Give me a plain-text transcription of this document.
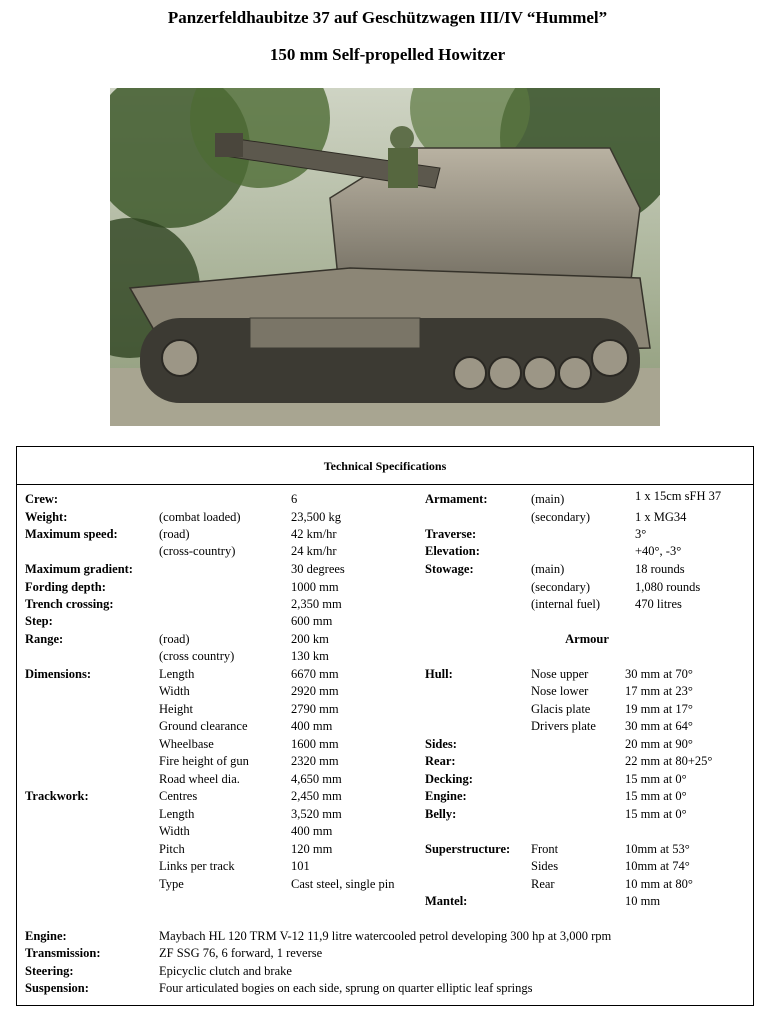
Panzerfeldhaubitze 37 auf Geschützwagen III/IV “Hummel”
150 mm Self-propelled Howitzer
Technical Specifications
Crew:	6
Weight:	(combat loaded)	23,500 kg
Maximum speed:	(road)	42 km/hr
(cross-country)	24 km/hr
Maximum gradient:	30 degrees
Fording depth:	1000 mm
Trench crossing:	2,350 mm
Step:	600 mm
Range:	(road)	200 km
(cross country)	130 km
Dimensions:	Length	6670 mm
Width	2920 mm
Height	2790 mm
Ground clearance	400 mm
Wheelbase	1600 mm
Fire height of gun	2320 mm
Road wheel dia.	4,650 mm
Trackwork:	Centres	2,450 mm
Length	3,520 mm
Width	400 mm
Pitch	120 mm
Links per track	101
Type	Cast steel, single pin
Armament:	(main)	1 x 15cm sFH 37
(secondary)	1 x MG34
Traverse:	3°
Elevation:	+40°, -3°
Stowage:	(main)	18 rounds
(secondary)	1,080 rounds
(internal fuel)	470 litres
Armour
Hull:	Nose upper	30 mm at 70°
Nose lower	17 mm at 23°
Glacis plate	19 mm at 17°
Drivers plate 30 mm at 64°
Sides:	20 mm at 90°
Rear:	22 mm at 80+25°
Decking:	15 mm at 0°
Engine:	15 mm at 0°
Belly:	15 mm at 0°
Superstructure: Front	10mm at 53°
Sides	10mm at 74°
Rear	10 mm at 80°
Mantel:	10 mm
Engine:	Maybach HL 120 TRM V-12 11,9 litre watercooled petrol developing 300 hp at 3,000 rpm
Transmission:	ZF SSG 76, 6 forward, 1 reverse
Steering:	Epicyclic clutch and brake
Suspension:	Four articulated bogies on each side, sprung on quarter elliptic leaf springs
